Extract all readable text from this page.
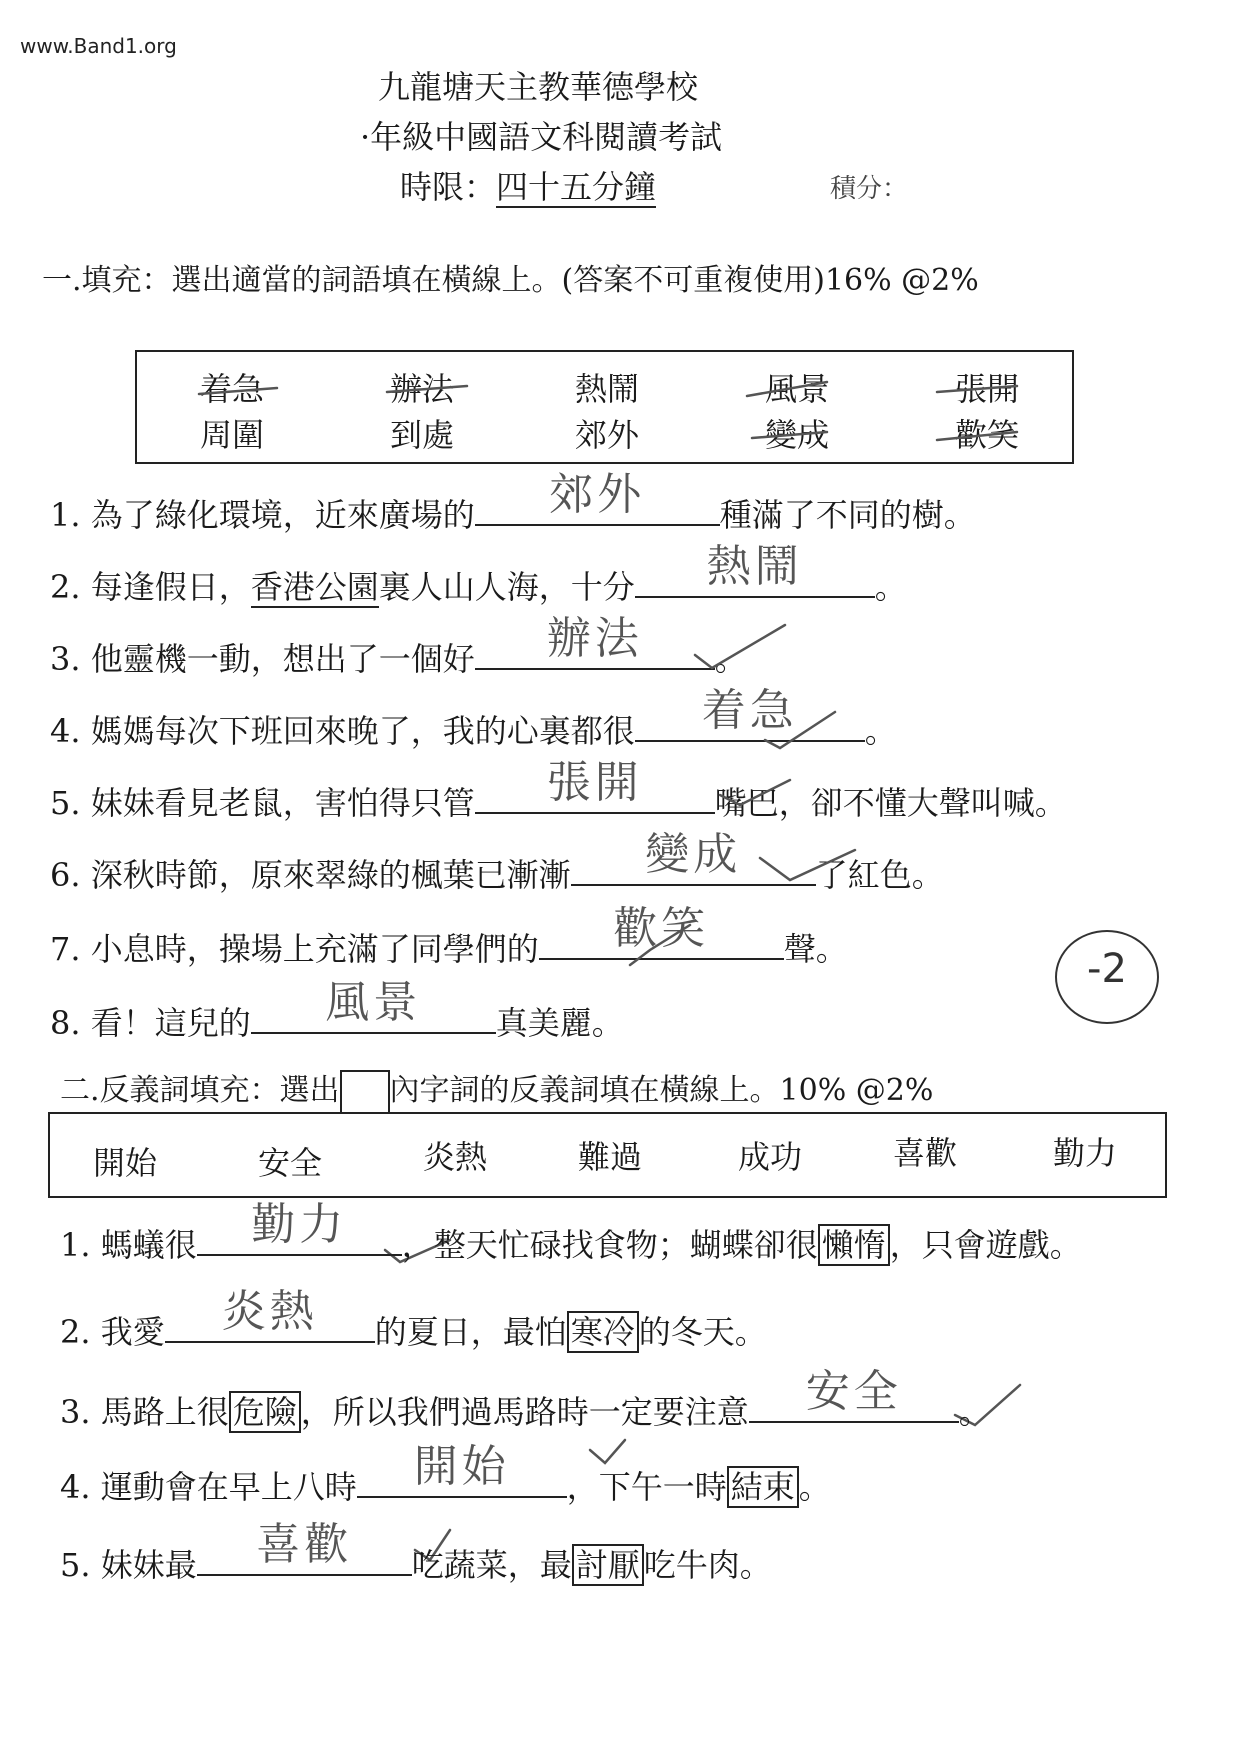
www.Band1.org
九龍塘天主教華德學校
·年級中國語文科閱讀考試
時限：四十五分鐘	積分：
一.填充：選出適當的詞語填在橫線上。(答案不可重複使用)16% @2%
着急	辦法	熱鬧	風景	張開
周圍	到處	郊外	變成	歡笑
1. 為了綠化環境，近來廣場的	郊外	種滿了不同的樹。
2. 每逢假日，香港公園裏人山人海，十分	熱鬧	。
3. 他靈機一動，想出了一個好	辦法	。
4. 媽媽每次下班回來晚了，我的心裏都很	着急	。
5. 妹妹看見老鼠，害怕得只管	張開	嘴巴，卻不懂大聲叫喊。
6. 深秋時節，原來翠綠的楓葉已漸漸	變成	了紅色。
7. 小息時，操場上充滿了同學們的	歡笑	聲。
8. 看！這兒的	風景	真美麗。
-2
二.反義詞填充：選出 內字詞的反義詞填在橫線上。10% @2%
開始	安全	炎熱	難過	成功	喜歡	勤力
1. 螞蟻很	勤力	，整天忙碌找食物；蝴蝶卻很 懶惰 ，只會遊戲。
2. 我愛	炎熱	的夏日，最怕 寒冷 的冬天。
3. 馬路上很 危險 ，所以我們過馬路時一定要注意	安全	。
4. 運動會在早上八時	開始	，下午一時 結束 。
5. 妹妹最	喜歡	吃蔬菜，最 討厭 吃牛肉。
